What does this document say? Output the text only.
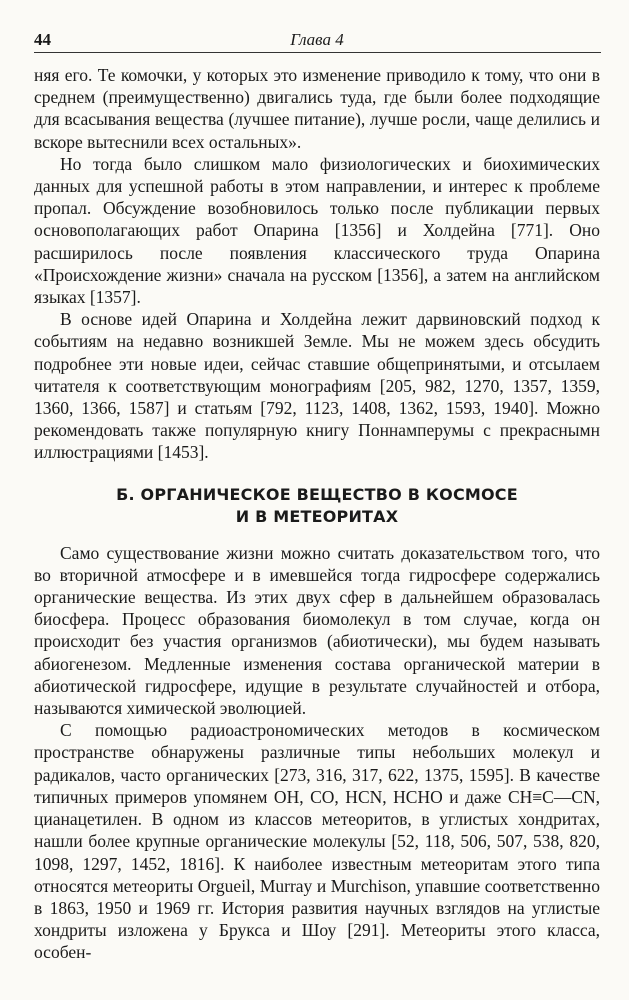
44	Глава 4

няя его. Те комочки, у которых это изменение приводило к тому, что они в среднем (преимущественно) двигались туда, где были более подходящие для всасывания вещества (лучшее питание), лучше росли, чаще делились и вскоре вытеснили всех остальных».

Но тогда было слишком мало физиологических и биохимических данных для успешной работы в этом направлении, и интерес к проблеме пропал. Обсуждение возобновилось только после публикации первых основополагающих работ Опарина [1356] и Холдейна [771]. Оно расширилось после появления классического труда Опарина «Происхождение жизни» сначала на русском [1356], а затем на английском языках [1357].

В основе идей Опарина и Холдейна лежит дарвиновский подход к событиям на недавно возникшей Земле. Мы не можем здесь обсудить подробнее эти новые идеи, сейчас ставшие общепринятыми, и отсылаем читателя к соответствующим монографиям [205, 982, 1270, 1357, 1359, 1360, 1366, 1587] и статьям [792, 1123, 1408, 1362, 1593, 1940]. Можно рекомендовать также популярную книгу Поннамперумы с прекраснымн иллюстрациями [1453].

Б. ОРГАНИЧЕСКОЕ ВЕЩЕСТВО В КОСМОСЕ
И В МЕТЕОРИТАХ

Само существование жизни можно считать доказательством того, что во вторичной атмосфере и в имевшейся тогда гидросфере содержались органические вещества. Из этих двух сфер в дальнейшем образовалась биосфера. Процесс образования биомолекул в том случае, когда он происходит без участия организмов (абиотически), мы будем называть абиогенезом. Медленные изменения состава органической материи в абиотической гидросфере, идущие в результате случайностей и отбора, называются химической эволюцией.

С помощью радиоастрономических методов в космическом пространстве обнаружены различные типы небольших молекул и радикалов, часто органических [273, 316, 317, 622, 1375, 1595]. В качестве типичных примеров упомянем OH, CO, HCN, HCHO и даже CH≡C—CN, цианацетилен. В одном из классов метеоритов, в углистых хондритах, нашли более крупные органические молекулы [52, 118, 506, 507, 538, 820, 1098, 1297, 1452, 1816]. К наиболее известным метеоритам этого типа относятся метеориты Orgueil, Murray и Murchison, упавшие соответственно в 1863, 1950 и 1969 гг. История развития научных взглядов на углистые хондриты изложена у Брукса и Шоу [291]. Метеориты этого класса, особен-
